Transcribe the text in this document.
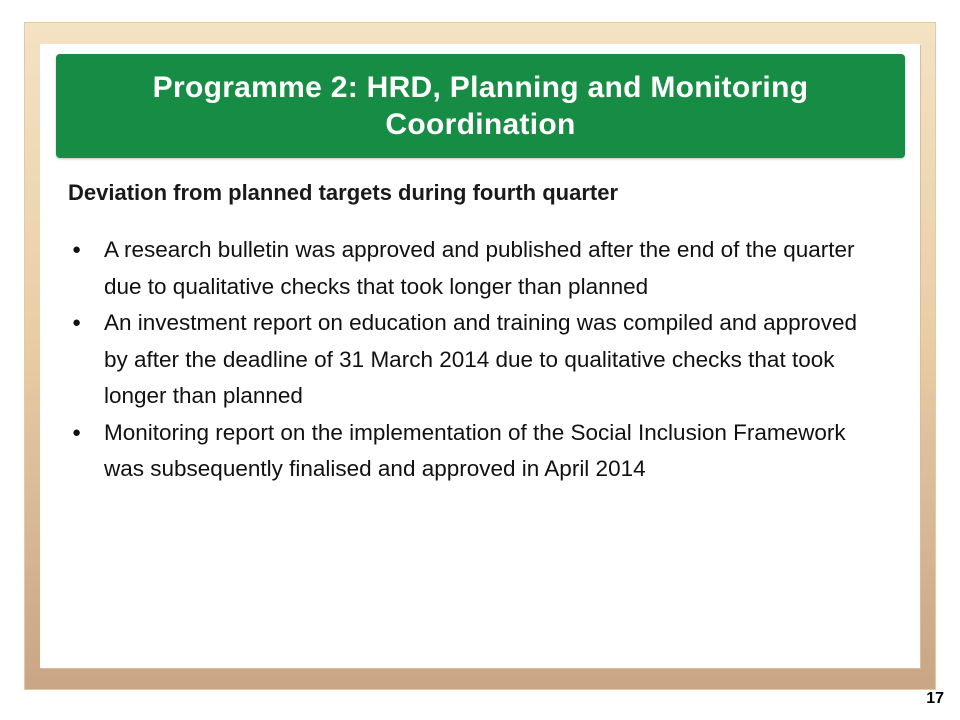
Programme 2: HRD, Planning and Monitoring Coordination
Deviation from planned targets during fourth quarter
● A research bulletin was approved and published after the end of the quarter due to qualitative checks that took longer than planned
● An investment report on education and training was compiled and approved by after the deadline of 31 March 2014 due to qualitative checks that took longer than planned
● Monitoring report on the implementation of the Social Inclusion Framework was subsequently finalised and approved in April 2014
17
